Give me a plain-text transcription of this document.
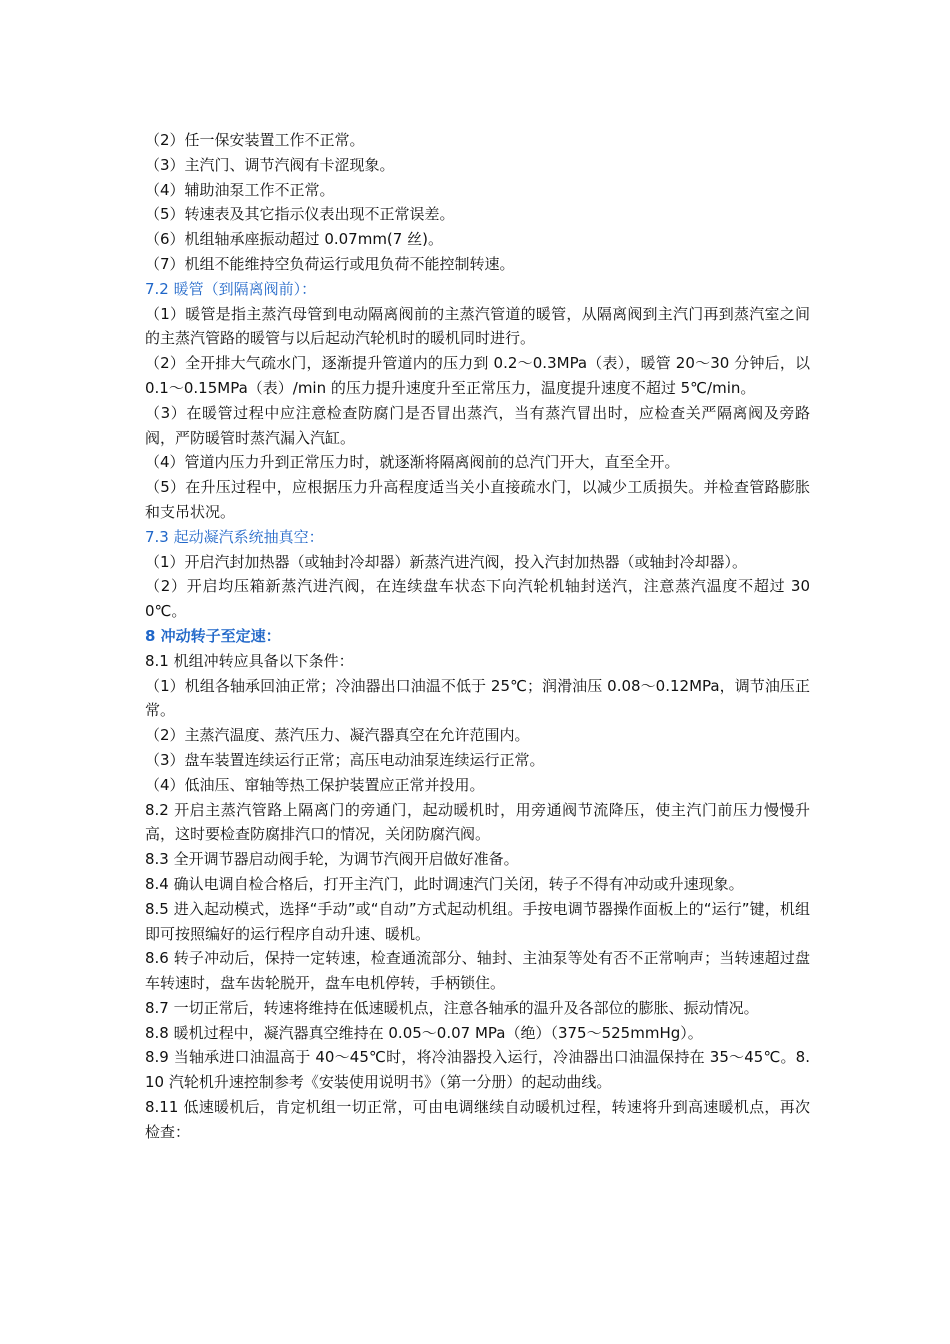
（2）任一保安装置工作不正常。

（3）主汽门、调节汽阀有卡涩现象。

（4）辅助油泵工作不正常。

（5）转速表及其它指示仪表出现不正常误差。

（6）机组轴承座振动超过 0.07mm(7 丝)。

（7）机组不能维持空负荷运行或甩负荷不能控制转速。

7.2 暖管（到隔离阀前）：

（1）暖管是指主蒸汽母管到电动隔离阀前的主蒸汽管道的暖管，从隔离阀到主汽门再到蒸汽室之间的主蒸汽管路的暖管与以后起动汽轮机时的暖机同时进行。

（2）全开排大气疏水门，逐渐提升管道内的压力到 0.2～0.3MPa（表），暖管 20～30 分钟后，以 0.1～0.15MPa（表）/min 的压力提升速度升至正常压力，温度提升速度不超过 5℃/min。

（3）在暖管过程中应注意检查防腐门是否冒出蒸汽，当有蒸汽冒出时，应检查关严隔离阀及旁路阀，严防暖管时蒸汽漏入汽缸。

（4）管道内压力升到正常压力时，就逐渐将隔离阀前的总汽门开大，直至全开。

（5）在升压过程中，应根据压力升高程度适当关小直接疏水门，以减少工质损失。并检查管路膨胀和支吊状况。

7.3 起动凝汽系统抽真空：

（1）开启汽封加热器（或轴封冷却器）新蒸汽进汽阀，投入汽封加热器（或轴封冷却器）。

（2）开启均压箱新蒸汽进汽阀，在连续盘车状态下向汽轮机轴封送汽，注意蒸汽温度不超过 300℃。

8 冲动转子至定速：

8.1 机组冲转应具备以下条件：

（1）机组各轴承回油正常；冷油器出口油温不低于 25℃；润滑油压 0.08～0.12MPa，调节油压正常。

（2）主蒸汽温度、蒸汽压力、凝汽器真空在允许范围内。

（3）盘车装置连续运行正常；高压电动油泵连续运行正常。

（4）低油压、窜轴等热工保护装置应正常并投用。

8.2 开启主蒸汽管路上隔离门的旁通门，起动暖机时，用旁通阀节流降压，使主汽门前压力慢慢升高，这时要检查防腐排汽口的情况，关闭防腐汽阀。

8.3 全开调节器启动阀手轮，为调节汽阀开启做好准备。

8.4 确认电调自检合格后，打开主汽门，此时调速汽门关闭，转子不得有冲动或升速现象。

8.5 进入起动模式，选择“手动”或“自动”方式起动机组。手按电调节器操作面板上的“运行”键，机组即可按照编好的运行程序自动升速、暖机。

8.6 转子冲动后，保持一定转速，检查通流部分、轴封、主油泵等处有否不正常响声；当转速超过盘车转速时，盘车齿轮脱开，盘车电机停转，手柄锁住。

8.7 一切正常后，转速将维持在低速暖机点，注意各轴承的温升及各部位的膨胀、振动情况。

8.8 暖机过程中，凝汽器真空维持在 0.05～0.07 MPa（绝）（375～525mmHg）。

8.9 当轴承进口油温高于 40～45℃时，将冷油器投入运行，冷油器出口油温保持在 35～45℃。8.10 汽轮机升速控制参考《安装使用说明书》（第一分册）的起动曲线。

8.11 低速暖机后，肯定机组一切正常，可由电调继续自动暖机过程，转速将升到高速暖机点，再次检查：
